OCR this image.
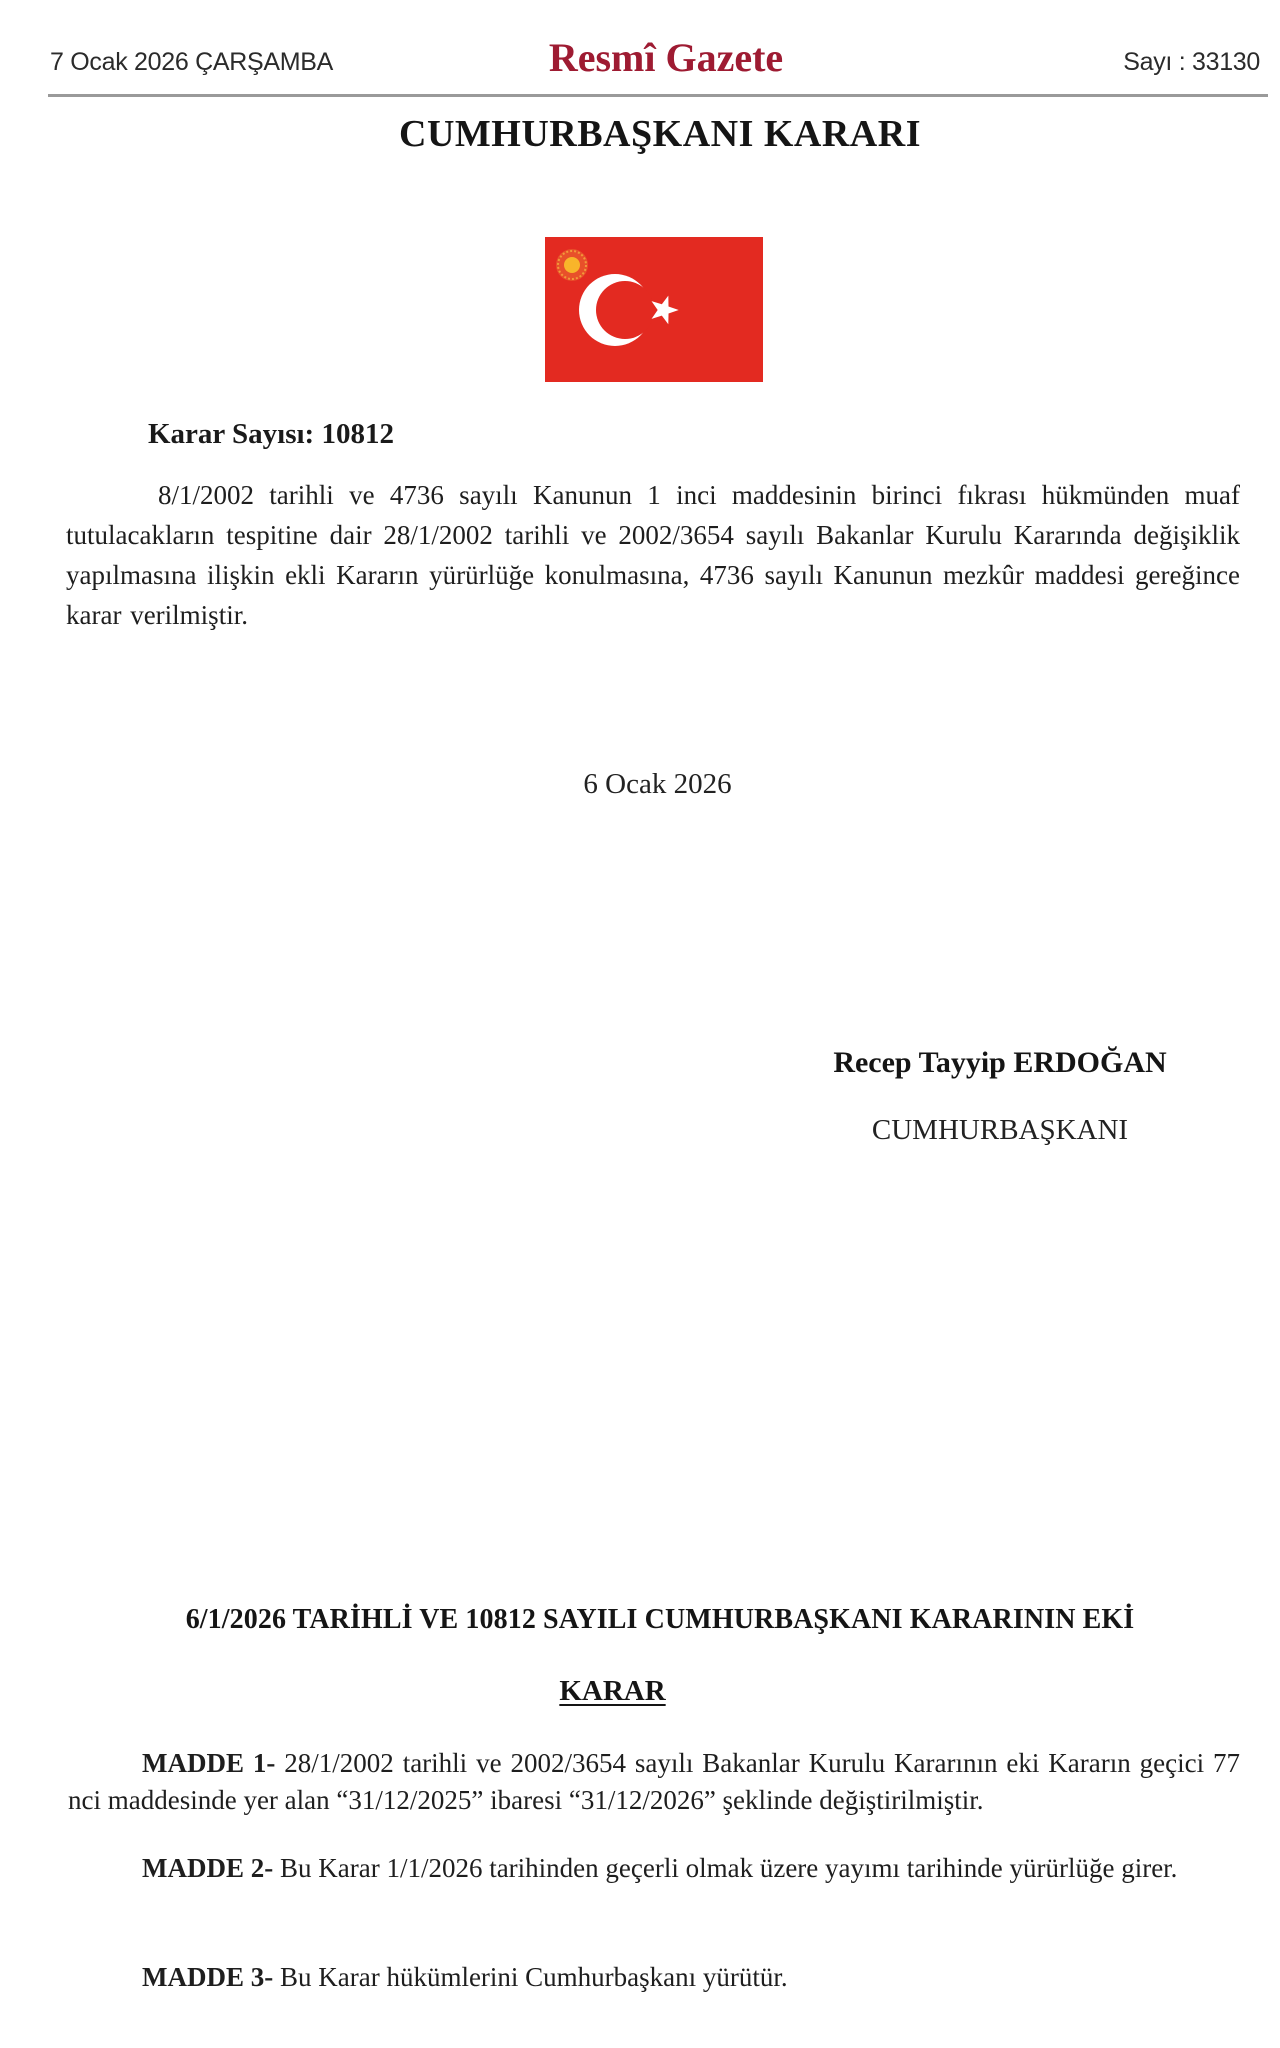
7 Ocak 2026 ÇARŞAMBA	Resmî Gazete	Sayı : 33130
CUMHURBAŞKANI KARARI
Karar Sayısı: 10812
8/1/2002 tarihli ve 4736 sayılı Kanunun 1 inci maddesinin birinci fıkrası hükmünden muaf tutulacakların tespitine dair 28/1/2002 tarihli ve 2002/3654 sayılı Bakanlar Kurulu Kararında değişiklik yapılmasına ilişkin ekli Kararın yürürlüğe konulmasına, 4736 sayılı Kanunun mezkûr maddesi gereğince karar verilmiştir.
6 Ocak 2026
Recep Tayyip ERDOĞAN
CUMHURBAŞKANI
6/1/2026 TARİHLİ VE 10812 SAYILI CUMHURBAŞKANI KARARININ EKİ
KARAR
MADDE 1- 28/1/2002 tarihli ve 2002/3654 sayılı Bakanlar Kurulu Kararının eki Kararın geçici 77 nci maddesinde yer alan “31/12/2025” ibaresi “31/12/2026” şeklinde değiştirilmiştir.
MADDE 2- Bu Karar 1/1/2026 tarihinden geçerli olmak üzere yayımı tarihinde yürürlüğe girer.
MADDE 3- Bu Karar hükümlerini Cumhurbaşkanı yürütür.
